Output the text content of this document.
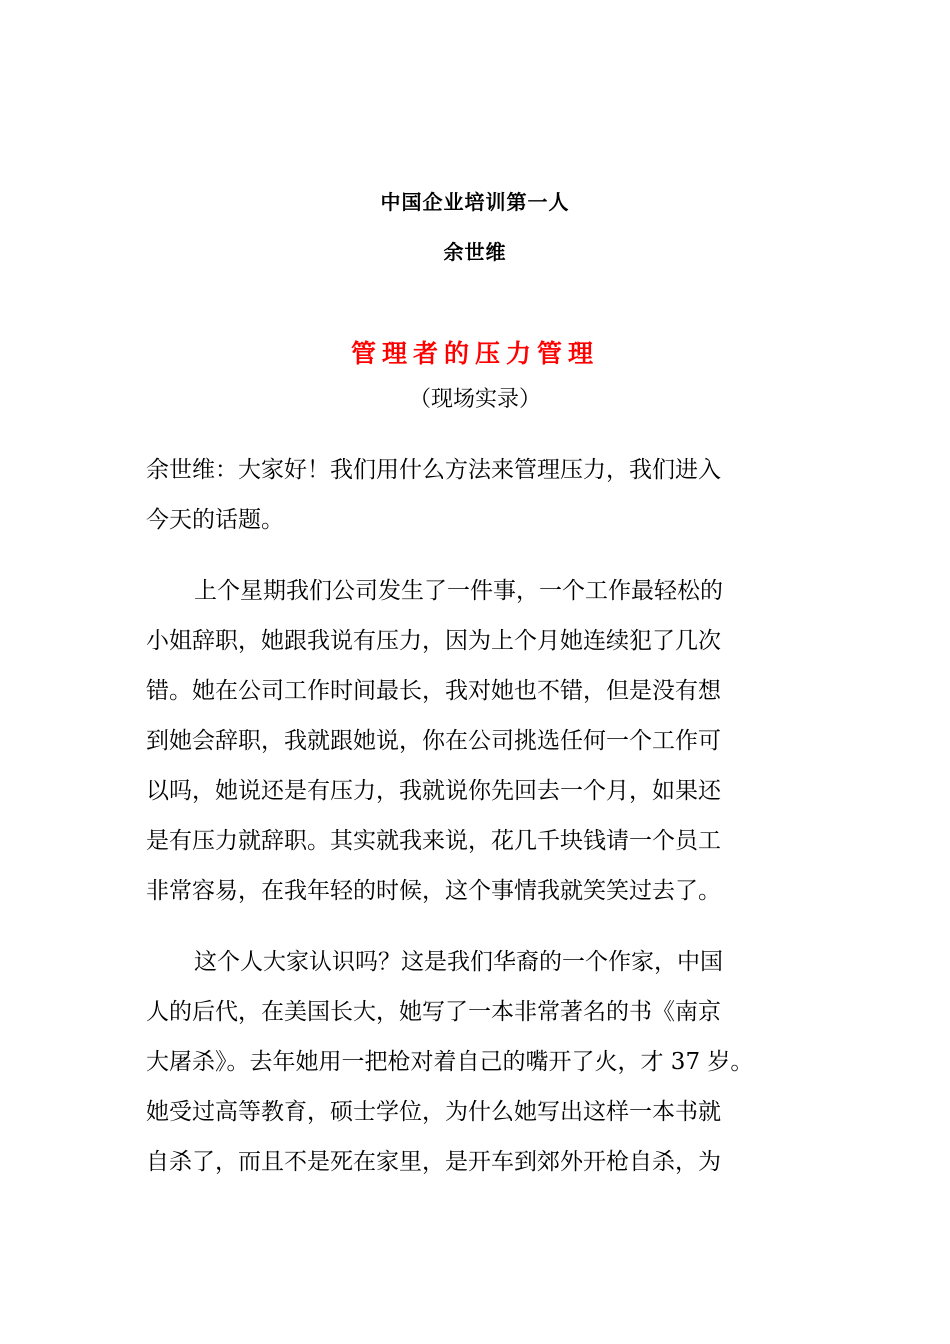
中国企业培训第一人
余世维
管理者的压力管理
（现场实录）
余世维：大家好！我们用什么方法来管理压力，我们进入
今天的话题。
上个星期我们公司发生了一件事，一个工作最轻松的
小姐辞职，她跟我说有压力，因为上个月她连续犯了几次
错。她在公司工作时间最长，我对她也不错，但是没有想
到她会辞职，我就跟她说，你在公司挑选任何一个工作可
以吗，她说还是有压力，我就说你先回去一个月，如果还
是有压力就辞职。其实就我来说，花几千块钱请一个员工
非常容易，在我年轻的时候，这个事情我就笑笑过去了。
这个人大家认识吗？这是我们华裔的一个作家，中国
人的后代，在美国长大，她写了一本非常著名的书《南京
大屠杀》。去年她用一把枪对着自己的嘴开了火，才 37 岁。
她受过高等教育，硕士学位，为什么她写出这样一本书就
自杀了，而且不是死在家里，是开车到郊外开枪自杀，为
